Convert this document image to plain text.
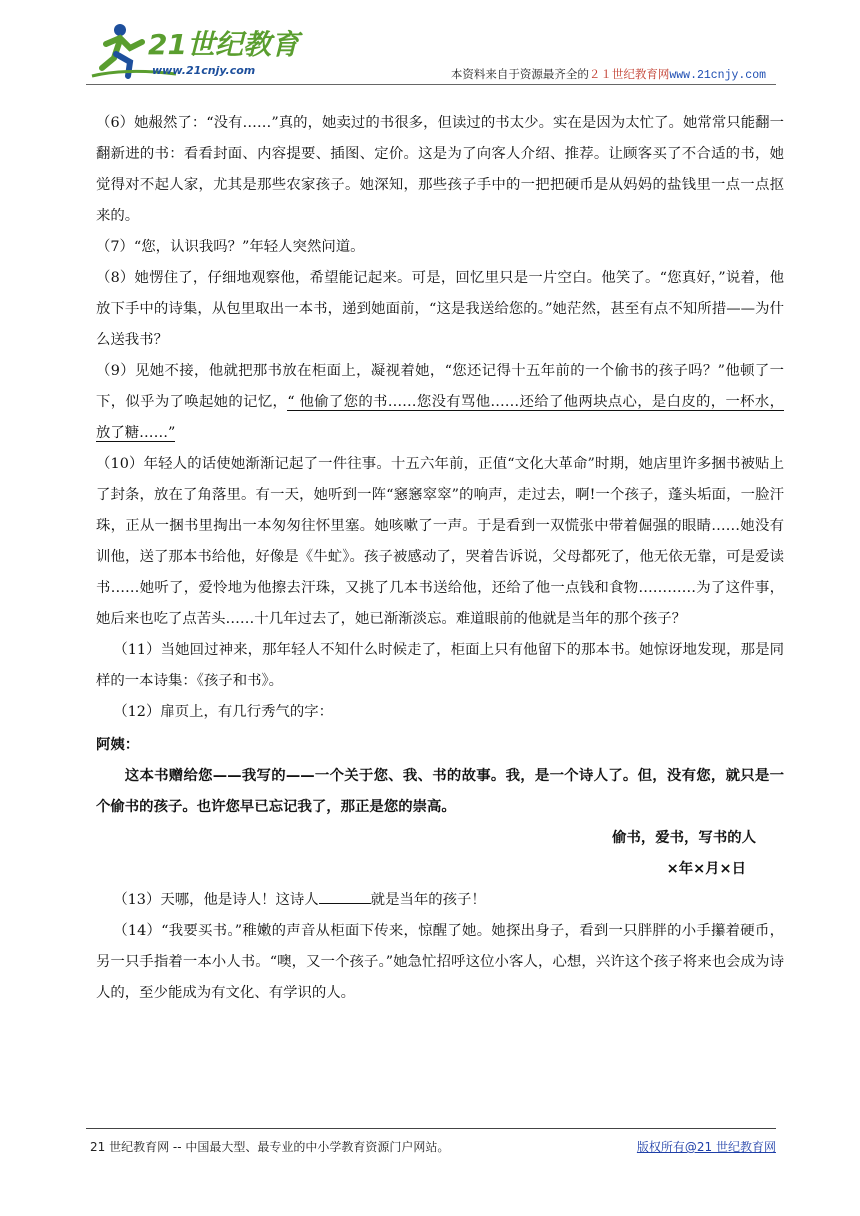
21世纪教育
www.21cnjy.com	本资料来自于资源最齐全的２１世纪教育网www.21cnjy.com

（6）她赧然了：“没有……”真的，她卖过的书很多，但读过的书太少。实在是因为太忙了。她常常只能翻一翻新进的书：看看封面、内容提要、插图、定价。这是为了向客人介绍、推荐。让顾客买了不合适的书，她觉得对不起人家，尤其是那些农家孩子。她深知，那些孩子手中的一把把硬币是从妈妈的盐钱里一点一点抠来的。

（7）“您，认识我吗？”年轻人突然问道。

（8）她愣住了，仔细地观察他，希望能记起来。可是，回忆里只是一片空白。他笑了。“您真好，”说着，他放下手中的诗集，从包里取出一本书，递到她面前，“这是我送给您的。”她茫然，甚至有点不知所措——为什么送我书？

（9）见她不接，他就把那书放在柜面上，凝视着她，“您还记得十五年前的一个偷书的孩子吗？”他顿了一下，似乎为了唤起她的记忆，“ 他偷了您的书……您没有骂他……还给了他两块点心，是白皮的，一杯水，放了糖……”

（10）年轻人的话使她渐渐记起了一件往事。十五六年前，正值“文化大革命”时期，她店里许多捆书被贴上了封条，放在了角落里。有一天，她听到一阵“窸窸窣窣”的响声，走过去，啊!一个孩子，蓬头垢面，一脸汗珠，正从一捆书里掏出一本匆匆往怀里塞。她咳嗽了一声。于是看到一双慌张中带着倔强的眼睛……她没有训他，送了那本书给他，好像是《牛虻》。孩子被感动了，哭着告诉说，父母都死了，他无依无靠，可是爱读书……她听了，爱怜地为他擦去汗珠，又挑了几本书送给他，还给了他一点钱和食物…………为了这件事，她后来也吃了点苦头……十几年过去了，她已渐渐淡忘。难道眼前的他就是当年的那个孩子？

（11）当她回过神来，那年轻人不知什么时候走了，柜面上只有他留下的那本书。她惊讶地发现，那是同样的一本诗集：《孩子和书》。

（12）扉页上，有几行秀气的字：

阿姨：

这本书赠给您——我写的——一个关于您、我、书的故事。我，是一个诗人了。但，没有您，就只是一个偷书的孩子。也许您早已忘记我了，那正是您的崇高。

偷书，爱书，写书的人

×年×月×日

（13）天哪，他是诗人！这诗人	就是当年的孩子！

（14）“我要买书。”稚嫩的声音从柜面下传来，惊醒了她。她探出身子，看到一只胖胖的小手攥着硬币，另一只手指着一本小人书。“噢，又一个孩子。”她急忙招呼这位小客人，心想，兴许这个孩子将来也会成为诗人的，至少能成为有文化、有学识的人。

21 世纪教育网 -- 中国最大型、最专业的中小学教育资源门户网站。	版权所有@21 世纪教育网
